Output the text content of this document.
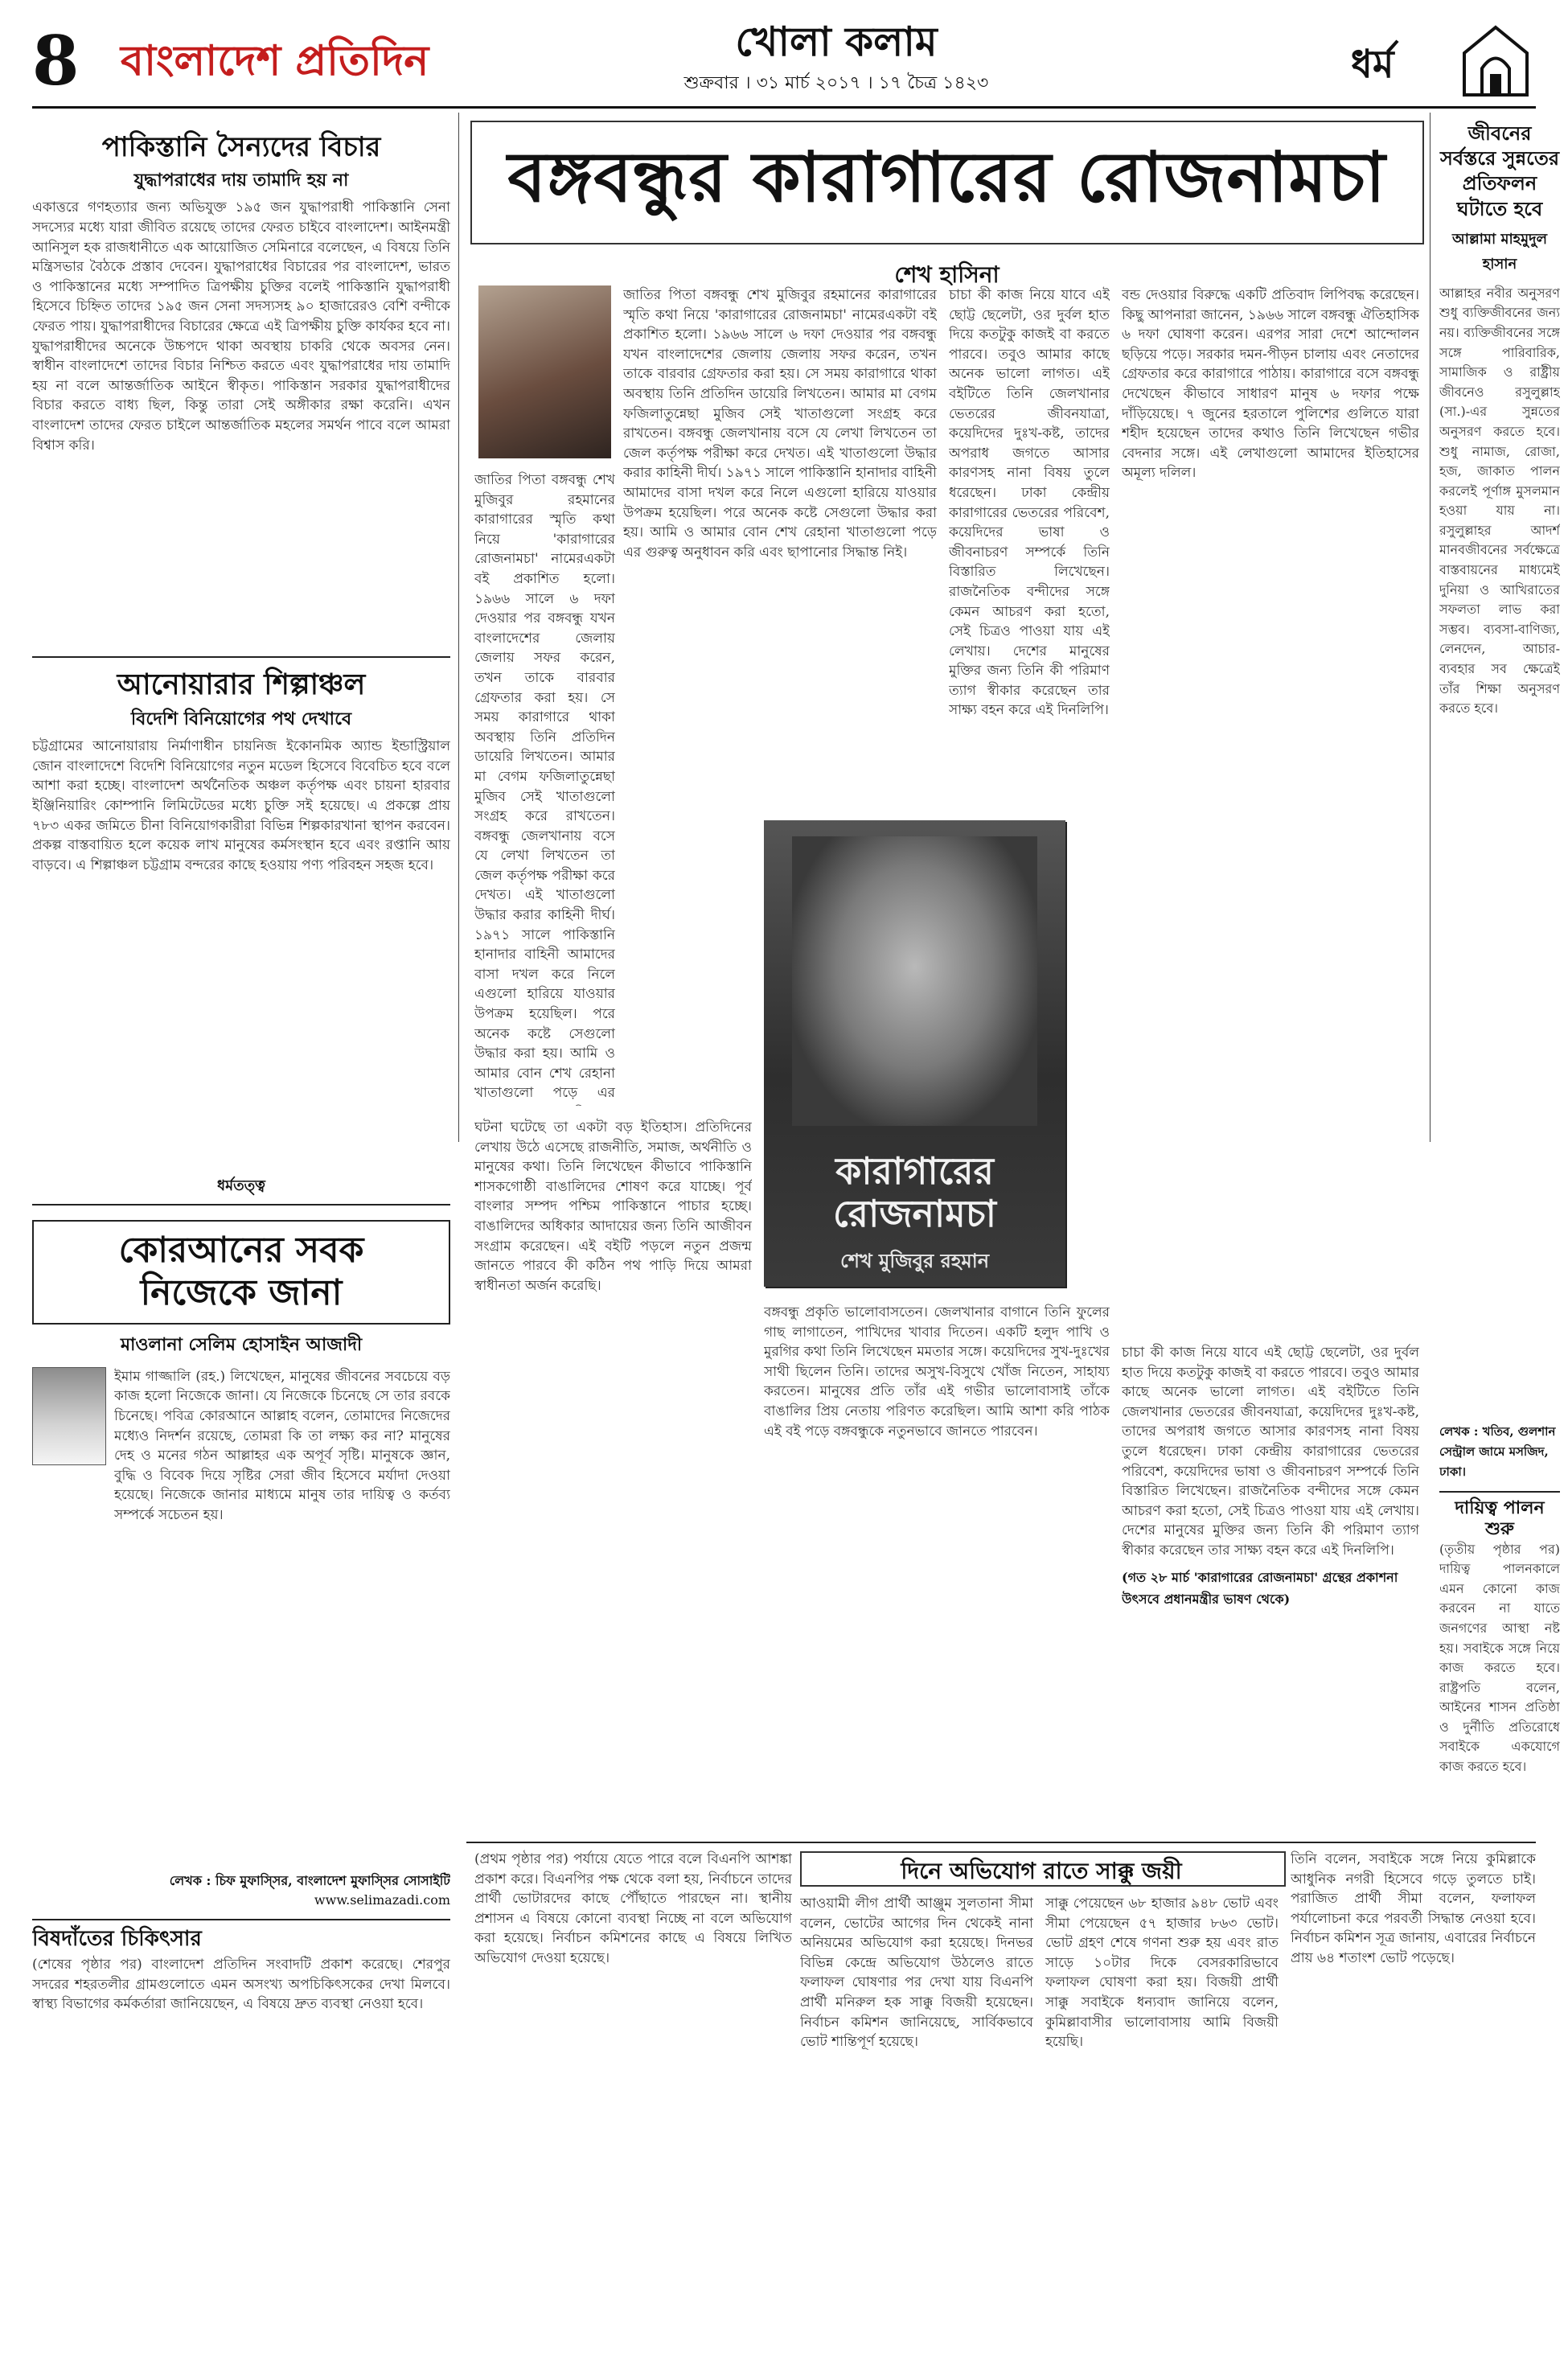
8 বাংলাদেশ প্রতিদিন	খোলা কলাম
শুক্রবার । ৩১ মার্চ ২০১৭ । ১৭ চৈত্র ১৪২৩	ধর্ম
পাকিস্তানি সৈন্যদের বিচার
যুদ্ধাপরাধের দায় তামাদি হয় না

একাত্তরে গণহত্যার জন্য অভিযুক্ত ১৯৫ জন যুদ্ধাপরাধী পাকিস্তানি সেনা সদস্যের মধ্যে যারা জীবিত রয়েছে তাদের ফেরত চাইবে বাংলাদেশ। আইনমন্ত্রী আনিসুল হক রাজধানীতে এক আয়োজিত সেমিনারে বলেছেন, এ বিষয়ে তিনি মন্ত্রিসভার বৈঠকে প্রস্তাব দেবেন। যুদ্ধাপরাধের বিচারের পর বাংলাদেশ, ভারত ও পাকিস্তানের মধ্যে সম্পাদিত ত্রিপক্ষীয় চুক্তির বলেই পাকিস্তানি যুদ্ধাপরাধী হিসেবে চিহ্নিত তাদের ১৯৫ জন সেনা সদস্যসহ ৯০ হাজারেরও বেশি বন্দীকে ফেরত পায়। যুদ্ধাপরাধীদের বিচারের ক্ষেত্রে এই ত্রিপক্ষীয় চুক্তি কার্যকর হবে না। যুদ্ধাপরাধীদের অনেকে উচ্চপদে থাকা অবস্থায় চাকরি থেকে অবসর নেন। স্বাধীন বাংলাদেশে তাদের বিচার নিশ্চিত করতে এবং যুদ্ধাপরাধের দায় তামাদি হয় না বলে আন্তর্জাতিক আইনে স্বীকৃত। পাকিস্তান সরকার যুদ্ধাপরাধীদের বিচার করতে বাধ্য ছিল, কিন্তু তারা সেই অঙ্গীকার রক্ষা করেনি। এখন বাংলাদেশ তাদের ফেরত চাইলে আন্তর্জাতিক মহলের সমর্থন পাবে বলে আমরা বিশ্বাস করি।

আনোয়ারার শিল্পাঞ্চল
বিদেশি বিনিয়োগের পথ দেখাবে

চট্টগ্রামের আনোয়ারায় নির্মাণাধীন চায়নিজ ইকোনমিক অ্যান্ড ইন্ডাস্ট্রিয়াল জোন বাংলাদেশে বিদেশি বিনিয়োগের নতুন মডেল হিসেবে বিবেচিত হবে বলে আশা করা হচ্ছে। বাংলাদেশ অর্থনৈতিক অঞ্চল কর্তৃপক্ষ এবং চায়না হারবার ইঞ্জিনিয়ারিং কোম্পানি লিমিটেডের মধ্যে চুক্তি সই হয়েছে। এ প্রকল্পে প্রায় ৭৮৩ একর জমিতে চীনা বিনিয়োগকারীরা বিভিন্ন শিল্পকারখানা স্থাপন করবেন। প্রকল্প বাস্তবায়িত হলে কয়েক লাখ মানুষের কর্মসংস্থান হবে এবং রপ্তানি আয় বাড়বে। এ শিল্পাঞ্চল চট্টগ্রাম বন্দরের কাছে হওয়ায় পণ্য পরিবহন সহজ হবে।

ধর্মতত্ত্ব
কোরআনের সবক
নিজেকে জানা
মাওলানা সেলিম হোসাইন আজাদী

ইমাম গাজ্জালি (রহ.) লিখেছেন, মানুষের জীবনের সবচেয়ে বড় কাজ হলো নিজেকে জানা। যে নিজেকে চিনেছে সে তার রবকে চিনেছে। পবিত্র কোরআনে আল্লাহ বলেন, তোমাদের নিজেদের মধ্যেও নিদর্শন রয়েছে, তোমরা কি তা লক্ষ্য কর না? মানুষের দেহ ও মনের গঠন আল্লাহর এক অপূর্ব সৃষ্টি। মানুষকে জ্ঞান, বুদ্ধি ও বিবেক দিয়ে সৃষ্টির সেরা জীব হিসেবে মর্যাদা দেওয়া হয়েছে। নিজেকে জানার মাধ্যমে মানুষ তার দায়িত্ব ও কর্তব্য সম্পর্কে সচেতন হয়।

লেখক : চিফ মুফাস্সির, বাংলাদেশ মুফাস্সির সোসাইটি
www.selimazadi.com
বিষদাঁতের চিকিৎসার

(শেষের পৃষ্ঠার পর) বাংলাদেশ প্রতিদিন সংবাদটি প্রকাশ করেছে। শেরপুর সদরের শহরতলীর গ্রামগুলোতে এমন অসংখ্য অপচিকিৎসকের দেখা মিলবে। স্বাস্থ্য বিভাগের কর্মকর্তারা জানিয়েছেন, এ বিষয়ে দ্রুত ব্যবস্থা নেওয়া হবে।

বঙ্গবন্ধুর কারাগারের রোজনামচা
শেখ হাসিনা

জাতির পিতা বঙ্গবন্ধু শেখ মুজিবুর রহমানের কারাগারের স্মৃতি কথা নিয়ে 'কারাগারের রোজনামচা' নামেরএকটা বই প্রকাশিত হলো। ১৯৬৬ সালে ৬ দফা দেওয়ার পর বঙ্গবন্ধু যখন বাংলাদেশের জেলায় জেলায় সফর করেন, তখন তাকে বারবার গ্রেফতার করা হয়। সে সময় কারাগারে থাকা অবস্থায় তিনি প্রতিদিন ডায়েরি লিখতেন। আমার মা বেগম ফজিলাতুন্নেছা মুজিব সেই খাতাগুলো সংগ্রহ করে রাখতেন। বঙ্গবন্ধু জেলখানায় বসে যে লেখা লিখতেন তা জেল কর্তৃপক্ষ পরীক্ষা করে দেখত। এই খাতাগুলো উদ্ধার করার কাহিনী দীর্ঘ। ১৯৭১ সালে পাকিস্তানি হানাদার বাহিনী আমাদের বাসা দখল করে নিলে এগুলো হারিয়ে যাওয়ার উপক্রম হয়েছিল। পরে অনেক কষ্টে সেগুলো উদ্ধার করা হয়। আমি ও আমার বোন শেখ রেহানা খাতাগুলো পড়ে এর গুরুত্ব অনুধাবন করি এবং ছাপানোর সিদ্ধান্ত নিই।

জাতির পিতা বঙ্গবন্ধু শেখ মুজিবুর রহমানের কারাগারের স্মৃতি কথা নিয়ে 'কারাগারের রোজনামচা' নামেরএকটা বই প্রকাশিত হলো। ১৯৬৬ সালে ৬ দফা দেওয়ার পর বঙ্গবন্ধু যখন বাংলাদেশের জেলায় জেলায় সফর করেন, তখন তাকে বারবার গ্রেফতার করা হয়। সে সময় কারাগারে থাকা অবস্থায় তিনি প্রতিদিন ডায়েরি লিখতেন। আমার মা বেগম ফজিলাতুন্নেছা মুজিব সেই খাতাগুলো সংগ্রহ করে রাখতেন। বঙ্গবন্ধু জেলখানায় বসে যে লেখা লিখতেন তা জেল কর্তৃপক্ষ পরীক্ষা করে দেখত। এই খাতাগুলো উদ্ধার করার কাহিনী দীর্ঘ। ১৯৭১ সালে পাকিস্তানি হানাদার বাহিনী আমাদের বাসা দখল করে নিলে এগুলো হারিয়ে যাওয়ার উপক্রম হয়েছিল। পরে অনেক কষ্টে সেগুলো উদ্ধার করা হয়। আমি ও আমার বোন শেখ রেহানা খাতাগুলো পড়ে এর

চাচা কী কাজ নিয়ে যাবে এই ছোট্ট ছেলেটা, ওর দুর্বল হাত দিয়ে কতটুকু কাজই বা করতে পারবে। তবুও আমার কাছে অনেক ভালো লাগত। এই বইটিতে তিনি জেলখানার ভেতরের জীবনযাত্রা, কয়েদিদের দুঃখ-কষ্ট, তাদের অপরাধ জগতে আসার কারণসহ নানা বিষয় তুলে ধরেছেন। ঢাকা কেন্দ্রীয় কারাগারের ভেতরের পরিবেশ, কয়েদিদের ভাষা ও জীবনাচরণ সম্পর্কে তিনি বিস্তারিত লিখেছেন। রাজনৈতিক বন্দীদের সঙ্গে কেমন আচরণ করা হতো, সেই চিত্রও পাওয়া যায় এই লেখায়। দেশের মানুষের মুক্তির জন্য তিনি কী পরিমাণ ত্যাগ স্বীকার করেছেন তার সাক্ষ্য বহন করে এই দিনলিপি।

বন্ড দেওয়ার বিরুদ্ধে একটি প্রতিবাদ লিপিবদ্ধ করেছেন। কিছু আপনারা জানেন, ১৯৬৬ সালে বঙ্গবন্ধু ঐতিহাসিক ৬ দফা ঘোষণা করেন। এরপর সারা দেশে আন্দোলন ছড়িয়ে পড়ে। সরকার দমন-পীড়ন চালায় এবং নেতাদের গ্রেফতার করে কারাগারে পাঠায়। কারাগারে বসে বঙ্গবন্ধু দেখেছেন কীভাবে সাধারণ মানুষ ৬ দফার পক্ষে দাঁড়িয়েছে। ৭ জুনের হরতালে পুলিশের গুলিতে যারা শহীদ হয়েছেন তাদের কথাও তিনি লিখেছেন গভীর বেদনার সঙ্গে। এই লেখাগুলো আমাদের ইতিহাসের অমূল্য দলিল।

ঘটনা ঘটেছে তা একটা বড় ইতিহাস। প্রতিদিনের লেখায় উঠে এসেছে রাজনীতি, সমাজ, অর্থনীতি ও মানুষের কথা। তিনি লিখেছেন কীভাবে পাকিস্তানি শাসকগোষ্ঠী বাঙালিদের শোষণ করে যাচ্ছে। পূর্ব বাংলার সম্পদ পশ্চিম পাকিস্তানে পাচার হচ্ছে। বাঙালিদের অধিকার আদায়ের জন্য তিনি আজীবন সংগ্রাম করেছেন। এই বইটি পড়লে নতুন প্রজন্ম জানতে পারবে কী কঠিন পথ পাড়ি দিয়ে আমরা স্বাধীনতা অর্জন করেছি।

বঙ্গবন্ধু প্রকৃতি ভালোবাসতেন। জেলখানার বাগানে তিনি ফুলের গাছ লাগাতেন, পাখিদের খাবার দিতেন। একটি হলুদ পাখি ও মুরগির কথা তিনি লিখেছেন মমতার সঙ্গে। কয়েদিদের সুখ-দুঃখের সাথী ছিলেন তিনি। তাদের অসুখ-বিসুখে খোঁজ নিতেন, সাহায্য করতেন। মানুষের প্রতি তাঁর এই গভীর ভালোবাসাই তাঁকে বাঙালির প্রিয় নেতায় পরিণত করেছিল। আমি আশা করি পাঠক এই বই পড়ে বঙ্গবন্ধুকে নতুনভাবে জানতে পারবেন।

চাচা কী কাজ নিয়ে যাবে এই ছোট্ট ছেলেটা, ওর দুর্বল হাত দিয়ে কতটুকু কাজই বা করতে পারবে। তবুও আমার কাছে অনেক ভালো লাগত। এই বইটিতে তিনি জেলখানার ভেতরের জীবনযাত্রা, কয়েদিদের দুঃখ-কষ্ট, তাদের অপরাধ জগতে আসার কারণসহ নানা বিষয় তুলে ধরেছেন। ঢাকা কেন্দ্রীয় কারাগারের ভেতরের পরিবেশ, কয়েদিদের ভাষা ও জীবনাচরণ সম্পর্কে তিনি বিস্তারিত লিখেছেন। রাজনৈতিক বন্দীদের সঙ্গে কেমন আচরণ করা হতো, সেই চিত্রও পাওয়া যায় এই লেখায়। দেশের মানুষের মুক্তির জন্য তিনি কী পরিমাণ ত্যাগ স্বীকার করেছেন তার সাক্ষ্য বহন করে এই দিনলিপি।

(গত ২৮ মার্চ 'কারাগারের রোজনামচা' গ্রন্থের প্রকাশনা উৎসবে প্রধানমন্ত্রীর ভাষণ থেকে)
কারাগারের
রোজনামচা
শেখ মুজিবুর রহমান
জীবনের সর্বস্তরে সুন্নতের প্রতিফলন ঘটাতে হবে
আল্লামা মাহমুদুল হাসান

আল্লাহর নবীর অনুসরণ শুধু ব্যক্তিজীবনের জন্য নয়। ব্যক্তিজীবনের সঙ্গে সঙ্গে পারিবারিক, সামাজিক ও রাষ্ট্রীয় জীবনেও রসুলুল্লাহ (সা.)-এর সুন্নতের অনুসরণ করতে হবে। শুধু নামাজ, রোজা, হজ, জাকাত পালন করলেই পূর্ণাঙ্গ মুসলমান হওয়া যায় না। রসুলুল্লাহর আদর্শ মানবজীবনের সর্বক্ষেত্রে বাস্তবায়নের মাধ্যমেই দুনিয়া ও আখিরাতের সফলতা লাভ করা সম্ভব। ব্যবসা-বাণিজ্য, লেনদেন, আচার-ব্যবহার সব ক্ষেত্রেই তাঁর শিক্ষা অনুসরণ করতে হবে।

লেখক : খতিব, গুলশান সেন্ট্রাল জামে মসজিদ, ঢাকা।
দায়িত্ব পালন শুরু

(তৃতীয় পৃষ্ঠার পর) দায়িত্ব পালনকালে এমন কোনো কাজ করবেন না যাতে জনগণের আস্থা নষ্ট হয়। সবাইকে সঙ্গে নিয়ে কাজ করতে হবে। রাষ্ট্রপতি বলেন, আইনের শাসন প্রতিষ্ঠা ও দুর্নীতি প্রতিরোধে সবাইকে একযোগে কাজ করতে হবে।

(প্রথম পৃষ্ঠার পর) পর্যায়ে যেতে পারে বলে বিএনপি আশঙ্কা প্রকাশ করে। বিএনপির পক্ষ থেকে বলা হয়, নির্বাচনে তাদের প্রার্থী ভোটারদের কাছে পৌঁছাতে পারছেন না। স্থানীয় প্রশাসন এ বিষয়ে কোনো ব্যবস্থা নিচ্ছে না বলে অভিযোগ করা হয়েছে। নির্বাচন কমিশনের কাছে এ বিষয়ে লিখিত অভিযোগ দেওয়া হয়েছে।

দিনে অভিযোগ রাতে সাক্কু জয়ী

আওয়ামী লীগ প্রার্থী আঞ্জুম সুলতানা সীমা বলেন, ভোটের আগের দিন থেকেই নানা অনিয়মের অভিযোগ করা হয়েছে। দিনভর বিভিন্ন কেন্দ্রে অভিযোগ উঠলেও রাতে ফলাফল ঘোষণার পর দেখা যায় বিএনপি প্রার্থী মনিরুল হক সাক্কু বিজয়ী হয়েছেন। নির্বাচন কমিশন জানিয়েছে, সার্বিকভাবে ভোট শান্তিপূর্ণ হয়েছে।

সাক্কু পেয়েছেন ৬৮ হাজার ৯৪৮ ভোট এবং সীমা পেয়েছেন ৫৭ হাজার ৮৬৩ ভোট। ভোট গ্রহণ শেষে গণনা শুরু হয় এবং রাত সাড়ে ১০টার দিকে বেসরকারিভাবে ফলাফল ঘোষণা করা হয়। বিজয়ী প্রার্থী সাক্কু সবাইকে ধন্যবাদ জানিয়ে বলেন, কুমিল্লাবাসীর ভালোবাসায় আমি বিজয়ী হয়েছি।

তিনি বলেন, সবাইকে সঙ্গে নিয়ে কুমিল্লাকে আধুনিক নগরী হিসেবে গড়ে তুলতে চাই। পরাজিত প্রার্থী সীমা বলেন, ফলাফল পর্যালোচনা করে পরবর্তী সিদ্ধান্ত নেওয়া হবে। নির্বাচন কমিশন সূত্র জানায়, এবারের নির্বাচনে প্রায় ৬৪ শতাংশ ভোট পড়েছে।
